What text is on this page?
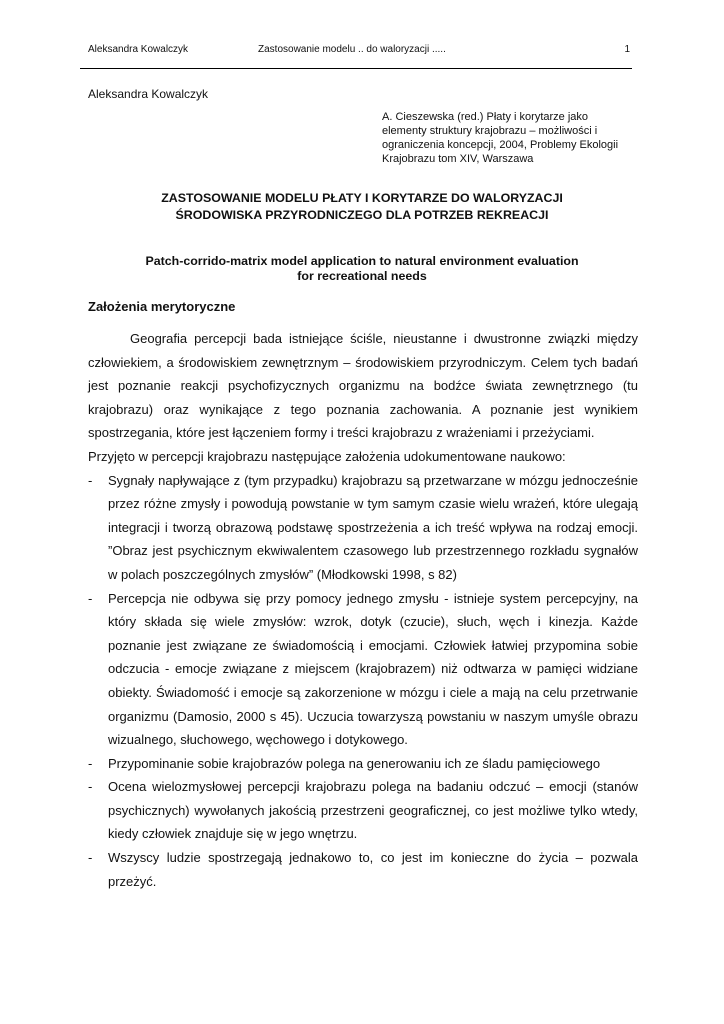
Aleksandra Kowalczyk	Zastosowanie modelu .. do waloryzacji .....	1
Aleksandra Kowalczyk
A. Cieszewska (red.) Płaty i korytarze jako elementy struktury krajobrazu – możliwości i ograniczenia koncepcji, 2004, Problemy Ekologii Krajobrazu tom XIV, Warszawa
ZASTOSOWANIE MODELU PŁATY I KORYTARZE DO WALORYZACJI
ŚRODOWISKA PRZYRODNICZEGO DLA POTRZEB REKREACJI
Patch-corrido-matrix model application to natural environment evaluation
for recreational needs
Założenia merytoryczne

Geografia percepcji bada istniejące ściśle, nieustanne i dwustronne związki między człowiekiem, a środowiskiem zewnętrznym – środowiskiem przyrodniczym. Celem tych badań jest poznanie reakcji psychofizycznych organizmu na bodźce świata zewnętrznego (tu krajobrazu) oraz wynikające z tego poznania zachowania. A poznanie jest wynikiem spostrzegania, które jest łączeniem formy i treści krajobrazu z wrażeniami i przeżyciami.

Przyjęto w percepcji krajobrazu następujące założenia udokumentowane naukowo:

- Sygnały napływające z (tym przypadku) krajobrazu są przetwarzane w mózgu jednocześnie przez różne zmysły i powodują powstanie w tym samym czasie wielu wrażeń, które ulegają integracji i tworzą obrazową podstawę spostrzeżenia a ich treść wpływa na rodzaj emocji. ”Obraz jest psychicznym ekwiwalentem czasowego lub przestrzennego rozkładu sygnałów w polach poszczególnych zmysłów” (Młodkowski 1998, s 82)
- Percepcja nie odbywa się przy pomocy jednego zmysłu - istnieje system percepcyjny, na który składa się wiele zmysłów: wzrok, dotyk (czucie), słuch, węch i kinezja. Każde poznanie jest związane ze świadomością i emocjami. Człowiek łatwiej przypomina sobie odczucia - emocje związane z miejscem (krajobrazem) niż odtwarza w pamięci widziane obiekty. Świadomość i emocje są zakorzenione w mózgu i ciele a mają na celu przetrwanie organizmu (Damosio, 2000 s 45). Uczucia towarzyszą powstaniu w naszym umyśle obrazu wizualnego, słuchowego, węchowego i dotykowego.
- Przypominanie sobie krajobrazów polega na generowaniu ich ze śladu pamięciowego
- Ocena wielozmysłowej percepcji krajobrazu polega na badaniu odczuć – emocji (stanów psychicznych) wywołanych jakością przestrzeni geograficznej, co jest możliwe tylko wtedy, kiedy człowiek znajduje się w jego wnętrzu.
- Wszyscy ludzie spostrzegają jednakowo to, co jest im konieczne do życia – pozwala przeżyć.
